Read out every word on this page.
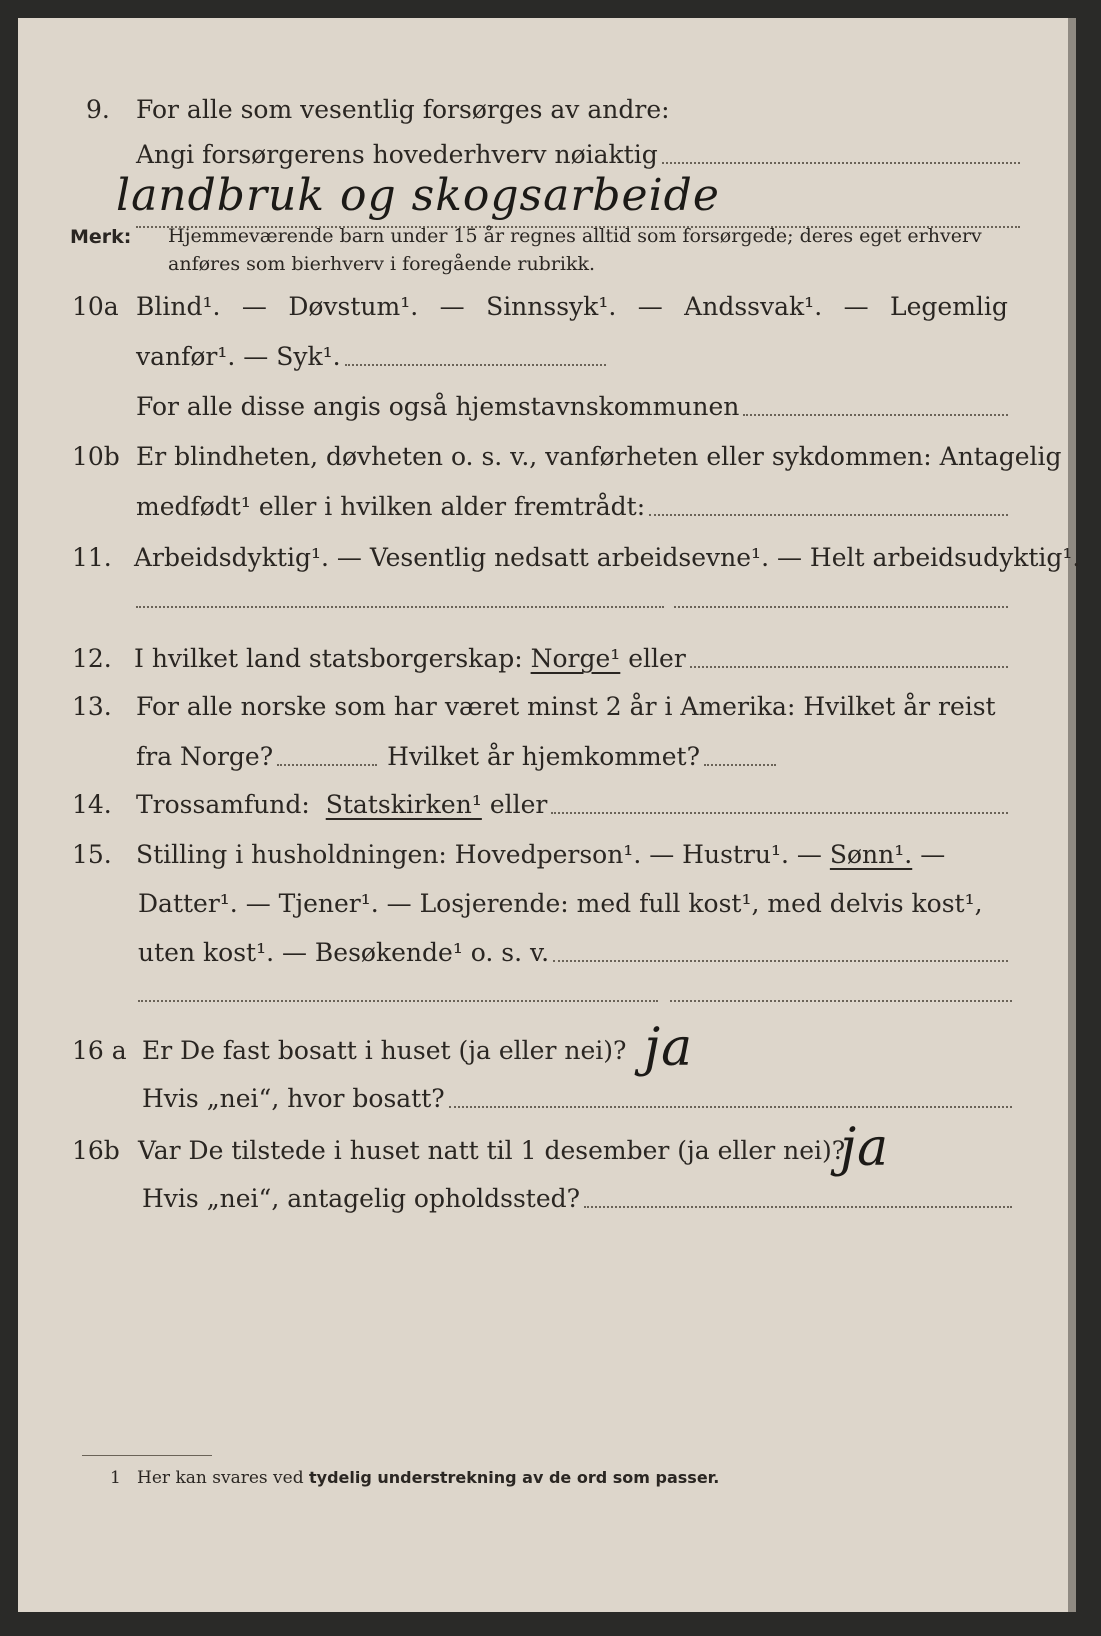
9.	For alle som vesentlig forsørges av andre:
Angi forsørgerens hovederhverv nøiaktig
landbruk og skogsarbeide
Merk: Hjemmeværende barn under 15 år regnes alltid som forsørgede; deres eget erhverv
anføres som bierhverv i foregående rubrikk.
10a Blind¹. — Døvstum¹. — Sinnssyk¹. — Andssvak¹. — Legemlig
vanfør¹. — Syk¹.
For alle disse angis også hjemstavnskommunen
10b Er blindheten, døvheten o. s. v., vanførheten eller sykdommen: Antagelig
medfødt¹ eller i hvilken alder fremtrådt:
11. Arbeidsdyktig¹. — Vesentlig nedsatt arbeidsevne¹. — Helt arbeidsudyktig¹.
12. I hvilket land statsborgerskap:
Norge¹
eller
13. For alle norske som har været minst 2 år i Amerika: Hvilket år reist
fra Norge?	Hvilket år hjemkommet?
14. Trossamfund:
Statskirken¹
eller
15. Stilling i husholdningen: Hovedperson¹. — Hustru¹. —
Sønn¹.
—
Datter¹. — Tjener¹. — Losjerende: med full kost¹, med delvis kost¹,
uten kost¹. — Besøkende¹ o. s. v.
16 a Er De fast bosatt i huset (ja eller nei)? ja
Hvis „nei“, hvor bosatt?
16b Var De tilstede i huset natt til 1 desember (ja eller nei)?
ja
Hvis „nei“, antagelig opholdssted?
1 Her kan svares ved tydelig understrekning av de ord som passer.
